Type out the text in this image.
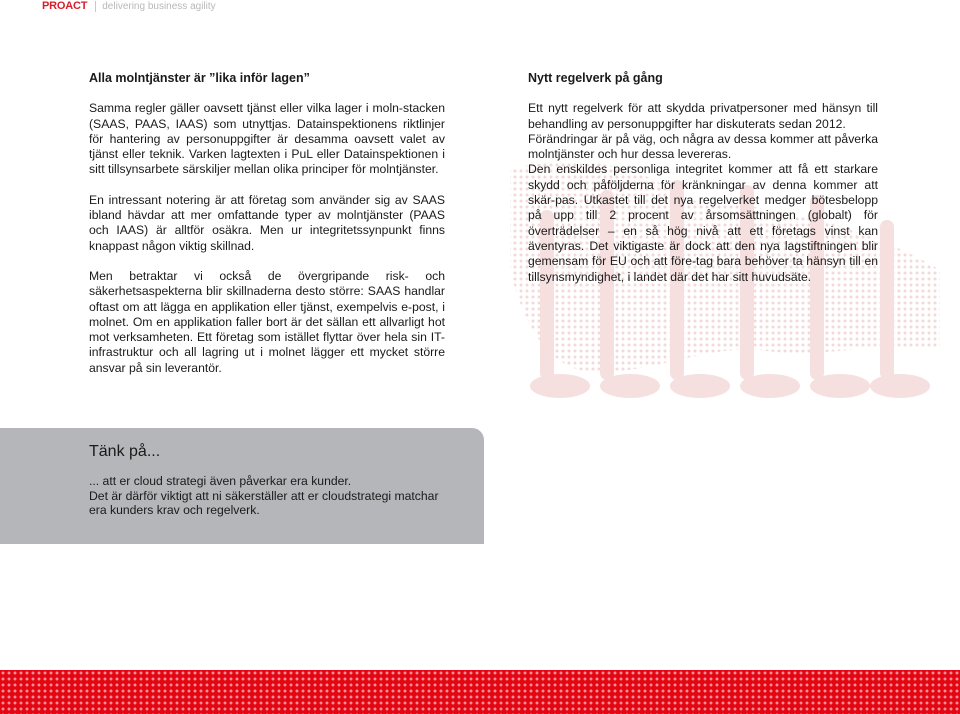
PROACT delivering business agility

Alla molntjänster är ”lika inför lagen”

Samma regler gäller oavsett tjänst eller vilka lager i moln-stacken (SAAS, PAAS, IAAS) som utnyttjas. Datainspektionens riktlinjer för hantering av personuppgifter är desamma oavsett valet av tjänst eller teknik. Varken lagtexten i PuL eller Datainspektionen i sitt tillsynsarbete särskiljer mellan olika principer för molntjänster.

En intressant notering är att företag som använder sig av SAAS ibland hävdar att mer omfattande typer av molntjänster (PAAS och IAAS) är alltför osäkra. Men ur integritetssynpunkt finns knappast någon viktig skillnad.

Men betraktar vi också de övergripande risk- och säkerhetsaspekterna blir skillnaderna desto större: SAAS handlar oftast om att lägga en applikation eller tjänst, exempelvis e-post, i molnet. Om en applikation faller bort är det sällan ett allvarligt hot mot verksamheten. Ett företag som istället flyttar över hela sin IT-infrastruktur och all lagring ut i molnet lägger ett mycket större ansvar på sin leverantör.

Nytt regelverk på gång

Ett nytt regelverk för att skydda privatpersoner med hänsyn till behandling av personuppgifter har diskuterats sedan 2012.

Förändringar är på väg, och några av dessa kommer att påverka molntjänster och hur dessa levereras.

Den enskildes personliga integritet kommer att få ett starkare skydd och påföljderna för kränkningar av denna kommer att skär-pas. Utkastet till det nya regelverket medger bötesbelopp på upp till 2 procent av årsomsättningen (globalt) för överträdelser – en så hög nivå att ett företags vinst kan äventyras. Det viktigaste är dock att den nya lagstiftningen blir gemensam för EU och att före-tag bara behöver ta hänsyn till en tillsynsmyndighet, i landet där det har sitt huvudsäte.

Tänk på...

... att er cloud strategi även påverkar era kunder.
Det är därför viktigt att ni säkerställer att er cloudstrategi matchar era kunders krav och regelverk.
